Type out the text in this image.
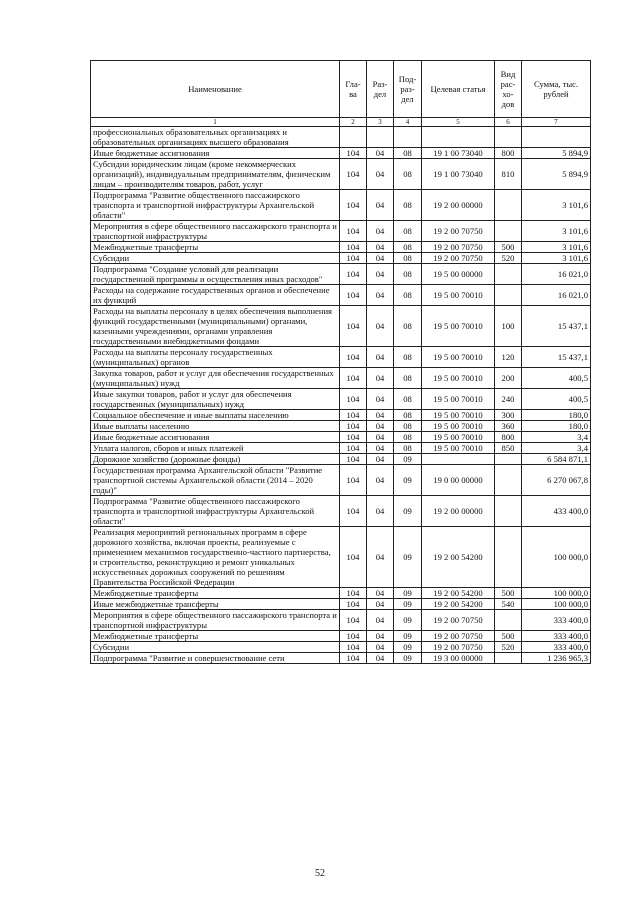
Наименование	Гла-ва	Раз-дел	Под-раз-дел	Целевая статья	Вид рас-хо-дов	Сумма, тыс. рублей
1	2	3	4	5	6	7
профессиональных образовательных организациях и образовательных организациях высшего образования						
Иные бюджетные ассигнования	104	04	08	19 1 00 73040	800	5 894,9
Субсидии юридическим лицам (кроме некоммерческих организаций), индивидуальным предпринимателям, физическим лицам – производителям товаров, работ, услуг	104	04	08	19 1 00 73040	810	5 894,9
Подпрограмма "Развитие общественного пассажирского транспорта и транспортной инфраструктуры Архангельской области"	104	04	08	19 2 00 00000		3 101,6
Мероприятия в сфере общественного пассажирского транспорта и транспортной инфраструктуры	104	04	08	19 2 00 70750		3 101,6
Межбюджетные трансферты	104	04	08	19 2 00 70750	500	3 101,6
Субсидии	104	04	08	19 2 00 70750	520	3 101,6
Подпрограмма "Создание условий для реализации государственной программы и осуществления иных расходов"	104	04	08	19 5 00 00000		16 021,0
Расходы на содержание государственных органов и обеспечение их функций	104	04	08	19 5 00 70010		16 021,0
Расходы на выплаты персоналу в целях обеспечения выполнения функций государственными (муниципальными) органами, казенными учреждениями, органами управления государственными внебюджетными фондами	104	04	08	19 5 00 70010	100	15 437,1
Расходы на выплаты персоналу государственных (муниципальных) органов	104	04	08	19 5 00 70010	120	15 437,1
Закупка товаров, работ и услуг для обеспечения государственных (муниципальных) нужд	104	04	08	19 5 00 70010	200	400,5
Иные закупки товаров, работ и услуг для обеспечения государственных (муниципальных) нужд	104	04	08	19 5 00 70010	240	400,5
Социальное обеспечение и иные выплаты населению	104	04	08	19 5 00 70010	300	180,0
Иные выплаты населению	104	04	08	19 5 00 70010	360	180,0
Иные бюджетные ассигнования	104	04	08	19 5 00 70010	800	3,4
Уплата налогов, сборов и иных платежей	104	04	08	19 5 00 70010	850	3,4
Дорожное хозяйство (дорожные фонды)	104	04	09			6 584 871,1
Государственная программа Архангельской области "Развитие транспортной системы Архангельской области (2014 – 2020 годы)"	104	04	09	19 0 00 00000		6 270 067,8
Подпрограмма "Развитие общественного пассажирского транспорта и транспортной инфраструктуры Архангельской области"	104	04	09	19 2 00 00000		433 400,0
Реализация мероприятий региональных программ в сфере дорожного хозяйства, включая проекты, реализуемые с применением механизмов государственно-частного партнерства, и строительство, реконструкцию и ремонт уникальных искусственных дорожных сооружений по решениям Правительства Российской Федерации	104	04	09	19 2 00 54200		100 000,0
Межбюджетные трансферты	104	04	09	19 2 00 54200	500	100 000,0
Иные межбюджетные трансферты	104	04	09	19 2 00 54200	540	100 000,0
Мероприятия в сфере общественного пассажирского транспорта и транспортной инфраструктуры	104	04	09	19 2 00 70750		333 400,0
Межбюджетные трансферты	104	04	09	19 2 00 70750	500	333 400,0
Субсидии	104	04	09	19 2 00 70750	520	333 400,0
Подпрограмма "Развитие и совершенствование сети	104	04	09	19 3 00 00000		1 236 965,3
52
